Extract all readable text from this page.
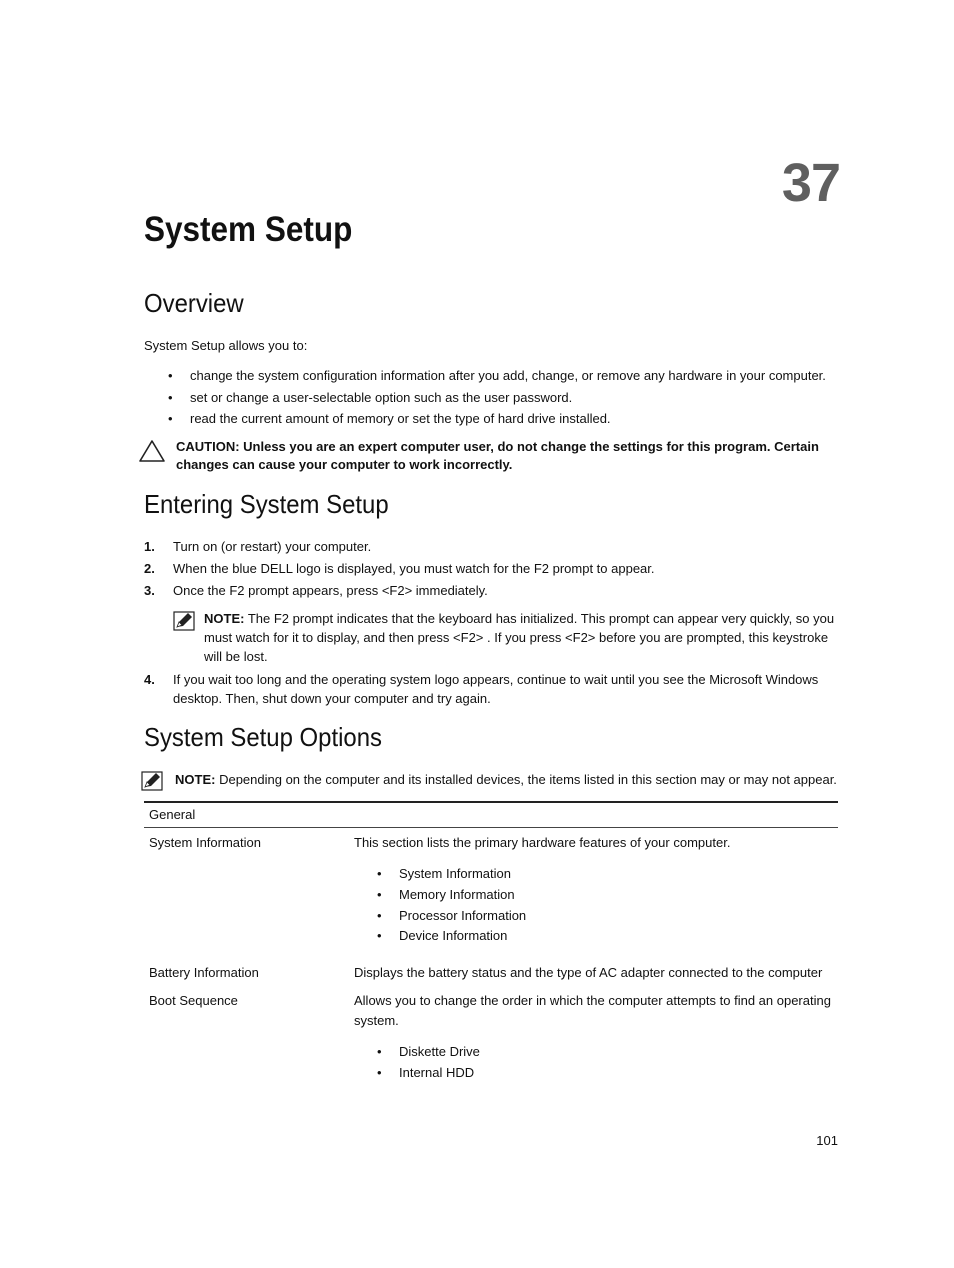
37
System Setup
Overview
System Setup allows you to:
• change the system configuration information after you add, change, or remove any hardware in your computer.
• set or change a user-selectable option such as the user password.
• read the current amount of memory or set the type of hard drive installed.
CAUTION: Unless you are an expert computer user, do not change the settings for this program. Certain changes can cause your computer to work incorrectly.
Entering System Setup
1. Turn on (or restart) your computer.
2. When the blue DELL logo is displayed, you must watch for the F2 prompt to appear.
3. Once the F2 prompt appears, press <F2> immediately.
NOTE: The F2 prompt indicates that the keyboard has initialized. This prompt can appear very quickly, so you must watch for it to display, and then press <F2> . If you press <F2> before you are prompted, this keystroke will be lost.
4. If you wait too long and the operating system logo appears, continue to wait until you see the Microsoft Windows desktop. Then, shut down your computer and try again.
System Setup Options
NOTE: Depending on the computer and its installed devices, the items listed in this section may or may not appear.
General
System Information	This section lists the primary hardware features of your computer.
• System Information
• Memory Information
• Processor Information
• Device Information
Battery Information	Displays the battery status and the type of AC adapter connected to the computer
Boot Sequence	Allows you to change the order in which the computer attempts to find an operating system.
• Diskette Drive
• Internal HDD
101
